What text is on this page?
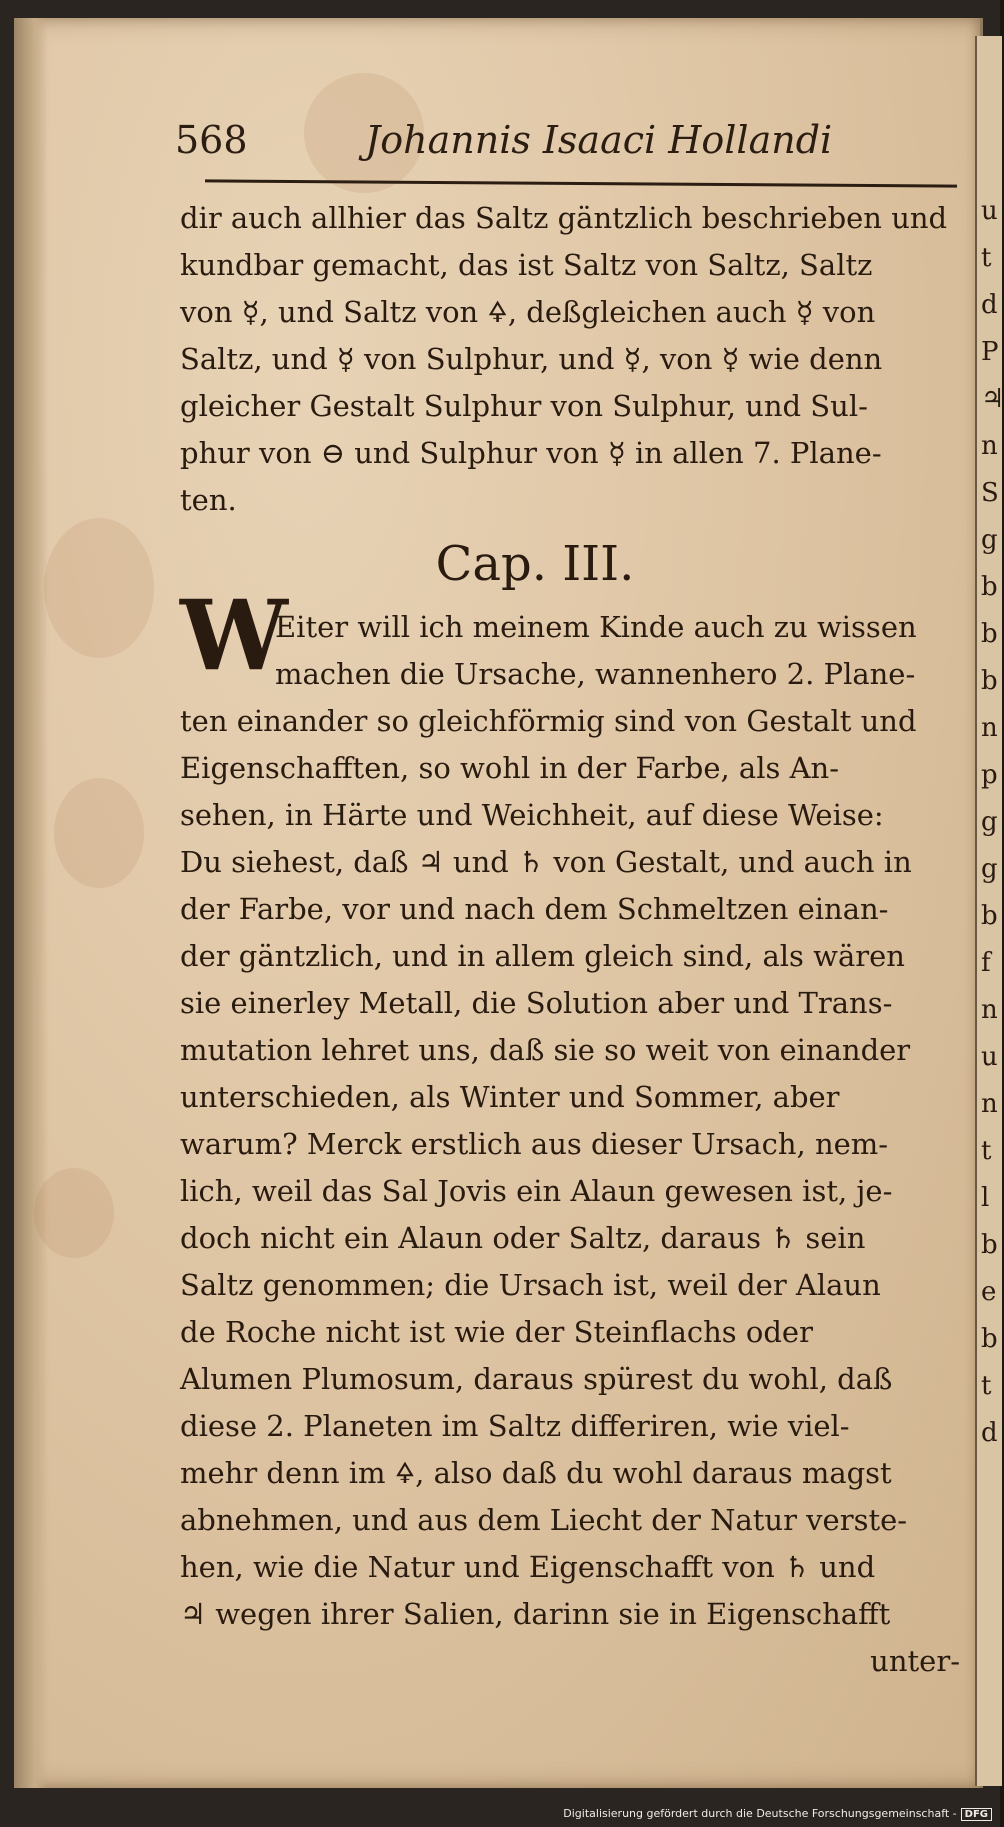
568	Johannis Isaaci Hollandi
dir auch allhier das Saltz gäntzlich beschrieben und
kundbar gemacht, das ist Saltz von Saltz, Saltz
von ☿, und Saltz von 🜍, deßgleichen auch ☿ von
Saltz, und ☿ von Sulphur, und ☿, von ☿ wie denn
gleicher Gestalt Sulphur von Sulphur, und Sul-
phur von ⊖ und Sulphur von ☿ in allen 7. Plane-
ten.
Cap. III.
Eiter will ich meinem Kinde auch zu wissen
machen die Ursache, wannenhero 2. Plane-
ten einander so gleichförmig sind von Gestalt und
Eigenschafften, so wohl in der Farbe, als An-
sehen, in Härte und Weichheit, auf diese Weise:
Du siehest, daß ♃ und ♄ von Gestalt, und auch in
der Farbe, vor und nach dem Schmeltzen einan-
der gäntzlich, und in allem gleich sind, als wären
sie einerley Metall, die Solution aber und Trans-
mutation lehret uns, daß sie so weit von einander
unterschieden, als Winter und Sommer, aber
warum? Merck erstlich aus dieser Ursach, nem-
lich, weil das Sal Jovis ein Alaun gewesen ist, je-
doch nicht ein Alaun oder Saltz, daraus ♄ sein
Saltz genommen; die Ursach ist, weil der Alaun
de Roche nicht ist wie der Steinflachs oder
Alumen Plumosum, daraus spürest du wohl, daß
diese 2. Planeten im Saltz differiren, wie viel-
mehr denn im 🜍, also daß du wohl daraus magst
abnehmen, und aus dem Liecht der Natur verste-
hen, wie die Natur und Eigenschafft von ♄ und
♃ wegen ihrer Salien, darinn sie in Eigenschafft
unter-
W
u
t
d
P
♃
n
S
g
b
b
b
n
p
g
g
b
f
n
u
n
t
l
b
e
b
t
d
Digitalisierung gefördert durch die Deutsche Forschungsgemeinschaft - DFG
